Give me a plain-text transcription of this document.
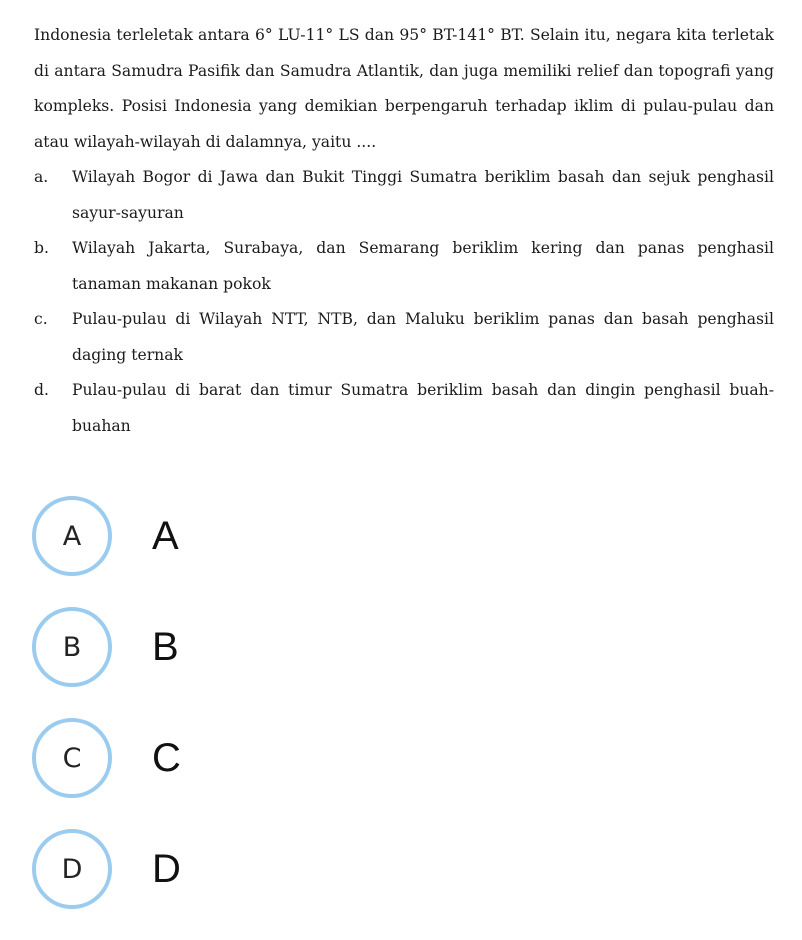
Indonesia terleletak antara 6° LU-11° LS dan 95° BT-141° BT. Selain itu, negara kita terletak di antara Samudra Pasifik dan Samudra Atlantik, dan juga memiliki relief dan topografi yang kompleks. Posisi Indonesia yang demikian berpengaruh terhadap iklim di pulau-pulau dan atau wilayah-wilayah di dalamnya, yaitu ....

a.	Wilayah Bogor di Jawa dan Bukit Tinggi Sumatra beriklim basah dan sejuk penghasil sayur-sayuran
b.	Wilayah Jakarta, Surabaya, dan Semarang beriklim kering dan panas penghasil tanaman makanan pokok
c.	Pulau-pulau di Wilayah NTT, NTB, dan Maluku beriklim panas dan basah penghasil daging ternak
d.	Pulau-pulau di barat dan timur Sumatra beriklim basah dan dingin penghasil buah-buahan
A	A
B	B
C	C
D	D
